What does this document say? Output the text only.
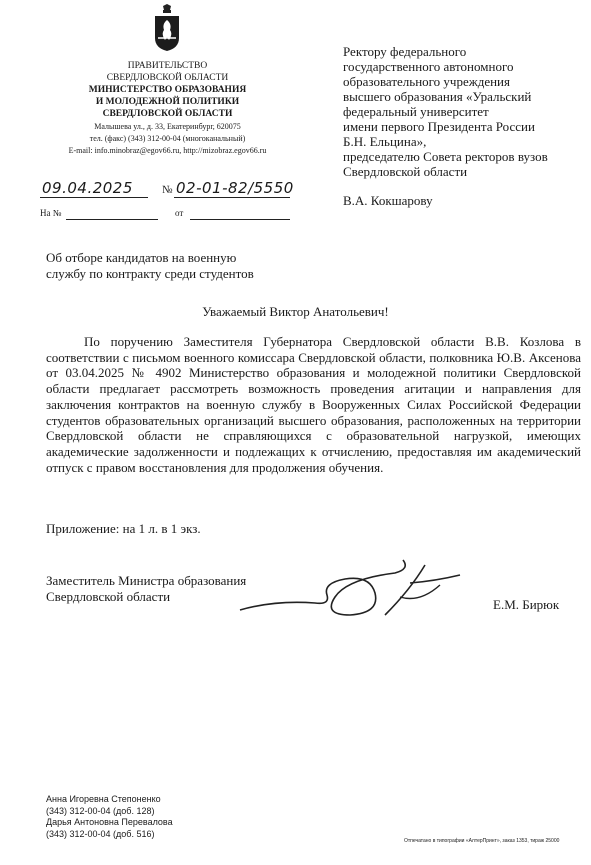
ПРАВИТЕЛЬСТВО
СВЕРДЛОВСКОЙ ОБЛАСТИ
МИНИСТЕРСТВО ОБРАЗОВАНИЯ
И МОЛОДЕЖНОЙ ПОЛИТИКИ
СВЕРДЛОВСКОЙ ОБЛАСТИ
Малышева ул., д. 33, Екатеринбург, 620075
тел. (факс) (343) 312-00-04 (многоканальный)
E-mail: info.minobraz@egov66.ru, http://mizobraz.egov66.ru
09.04.2025	№ 02-01-82/5550
На №	от
Ректору федерального
государственного автономного
образовательного учреждения
высшего образования «Уральский
федеральный университет
имени первого Президента России
Б.Н. Ельцина»,
председателю Совета ректоров вузов
Свердловской области
В.А. Кокшарову
Об отборе кандидатов на военную
службу по контракту среди студентов
Уважаемый Виктор Анатольевич!
По поручению Заместителя Губернатора Свердловской области В.В. Козлова в соответствии с письмом военного комиссара Свердловской области, полковника Ю.В. Аксенова от 03.04.2025 № 4902 Министерство образования и молодежной политики Свердловской области предлагает рассмотреть возможность проведения агитации и направления для заключения контрактов на военную службу в Вооруженных Силах Российской Федерации студентов образовательных организаций высшего образования, расположенных на территории Свердловской области не справляющихся с образовательной нагрузкой, имеющих академические задолженности и подлежащих к отчислению, предоставляя им академический отпуск с правом восстановления для продолжения обучения.
Приложение: на 1 л. в 1 экз.
Заместитель Министра образования
Свердловской области
Е.М. Бирюк
Анна Игоревна Степоненко
(343) 312-00-04 (доб. 128)
Дарья Антоновна Перевалова
(343) 312-00-04 (доб. 516)
Отпечатано в типографии «АлтерПринт», заказ 1353, тираж 25000
